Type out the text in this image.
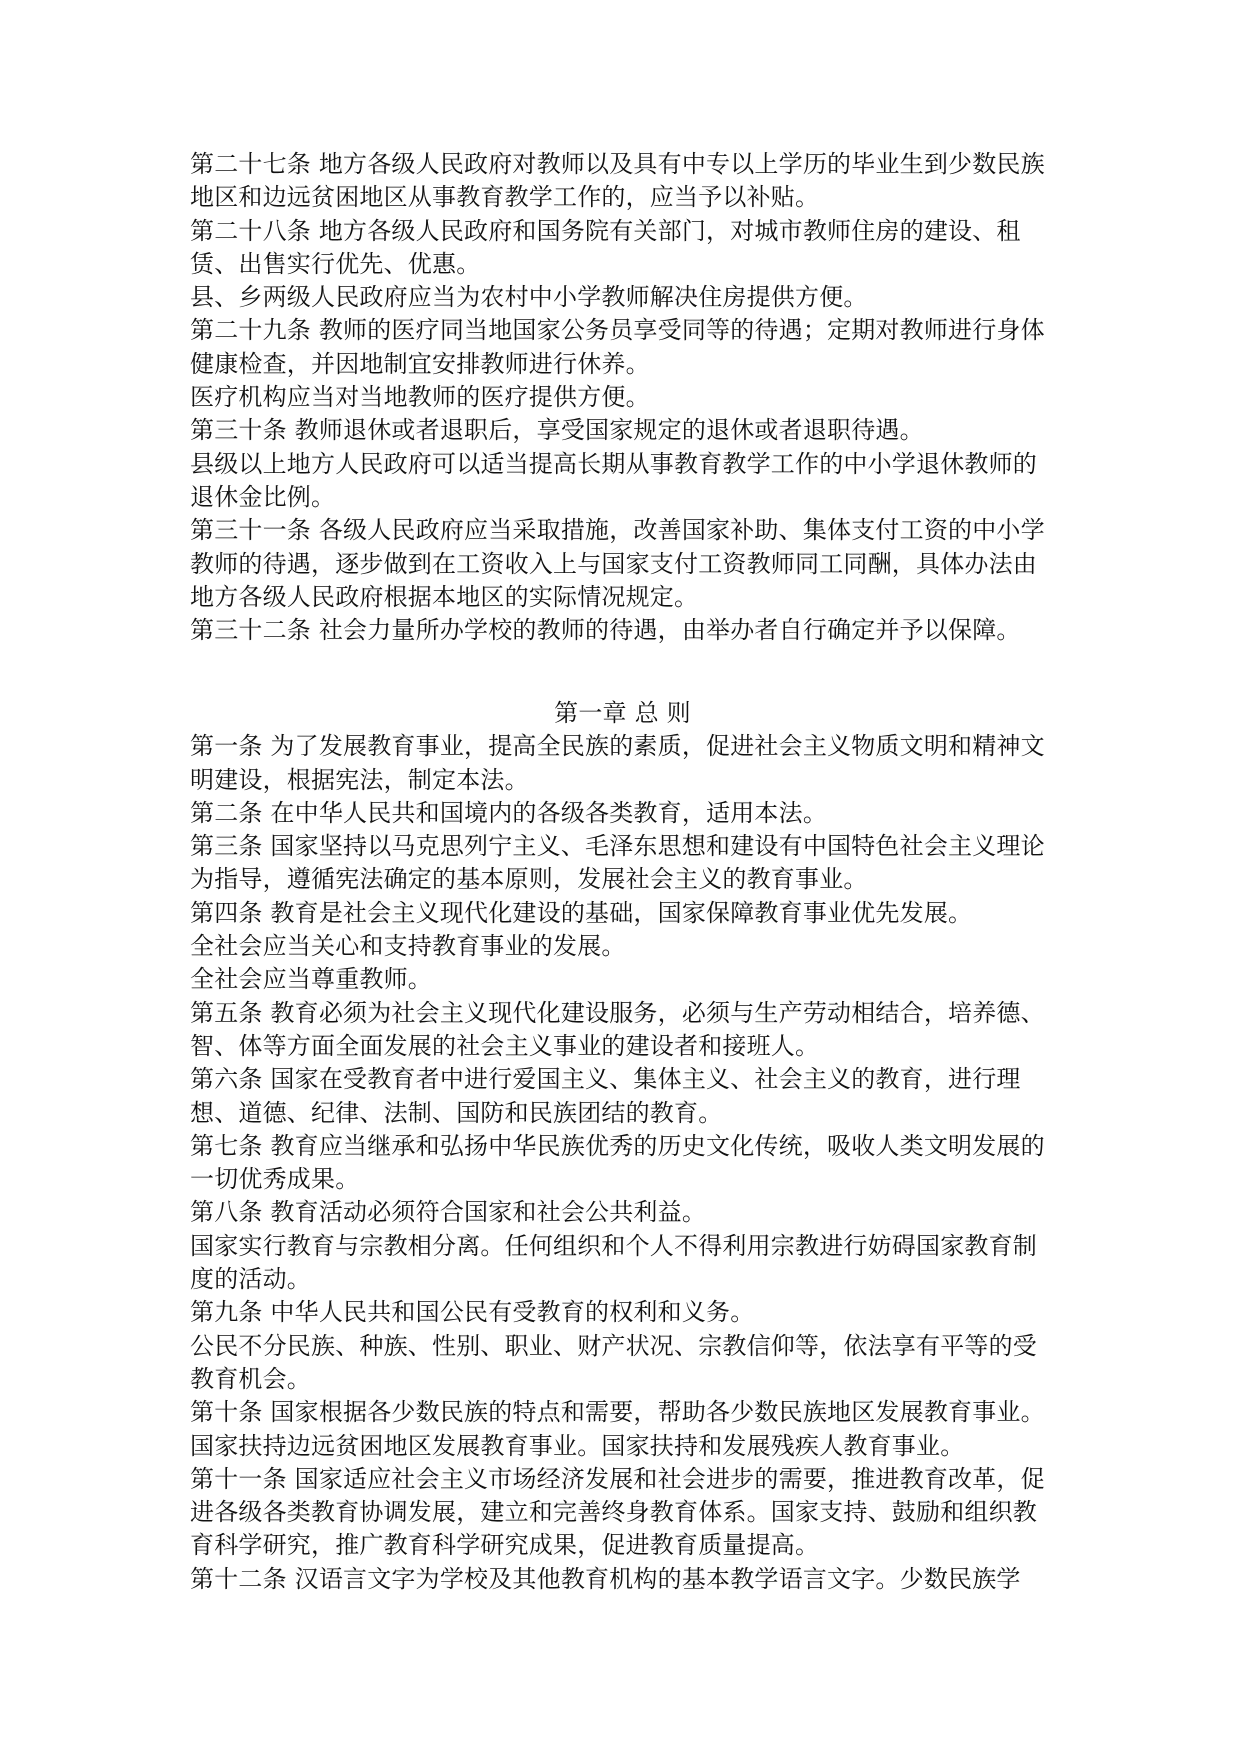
第二十七条 地方各级人民政府对教师以及具有中专以上学历的毕业生到少数民族地区和边远贫困地区从事教育教学工作的，应当予以补贴。

第二十八条 地方各级人民政府和国务院有关部门，对城市教师住房的建设、租赁、出售实行优先、优惠。

县、乡两级人民政府应当为农村中小学教师解决住房提供方便。

第二十九条 教师的医疗同当地国家公务员享受同等的待遇；定期对教师进行身体健康检查，并因地制宜安排教师进行休养。

医疗机构应当对当地教师的医疗提供方便。

第三十条 教师退休或者退职后，享受国家规定的退休或者退职待遇。

县级以上地方人民政府可以适当提高长期从事教育教学工作的中小学退休教师的退休金比例。

第三十一条 各级人民政府应当采取措施，改善国家补助、集体支付工资的中小学教师的待遇，逐步做到在工资收入上与国家支付工资教师同工同酬，具体办法由地方各级人民政府根据本地区的实际情况规定。

第三十二条 社会力量所办学校的教师的待遇，由举办者自行确定并予以保障。

第一章 总 则

第一条 为了发展教育事业，提高全民族的素质，促进社会主义物质文明和精神文明建设，根据宪法，制定本法。

第二条 在中华人民共和国境内的各级各类教育，适用本法。

第三条 国家坚持以马克思列宁主义、毛泽东思想和建设有中国特色社会主义理论为指导，遵循宪法确定的基本原则，发展社会主义的教育事业。

第四条 教育是社会主义现代化建设的基础，国家保障教育事业优先发展。

全社会应当关心和支持教育事业的发展。

全社会应当尊重教师。

第五条 教育必须为社会主义现代化建设服务，必须与生产劳动相结合，培养德、智、体等方面全面发展的社会主义事业的建设者和接班人。

第六条 国家在受教育者中进行爱国主义、集体主义、社会主义的教育，进行理想、道德、纪律、法制、国防和民族团结的教育。

第七条 教育应当继承和弘扬中华民族优秀的历史文化传统，吸收人类文明发展的一切优秀成果。

第八条 教育活动必须符合国家和社会公共利益。

国家实行教育与宗教相分离。任何组织和个人不得利用宗教进行妨碍国家教育制度的活动。

第九条 中华人民共和国公民有受教育的权利和义务。

公民不分民族、种族、性别、职业、财产状况、宗教信仰等，依法享有平等的受教育机会。

第十条 国家根据各少数民族的特点和需要，帮助各少数民族地区发展教育事业。

国家扶持边远贫困地区发展教育事业。国家扶持和发展残疾人教育事业。

第十一条 国家适应社会主义市场经济发展和社会进步的需要，推进教育改革，促进各级各类教育协调发展，建立和完善终身教育体系。国家支持、鼓励和组织教育科学研究，推广教育科学研究成果，促进教育质量提高。

第十二条 汉语言文字为学校及其他教育机构的基本教学语言文字。少数民族学
